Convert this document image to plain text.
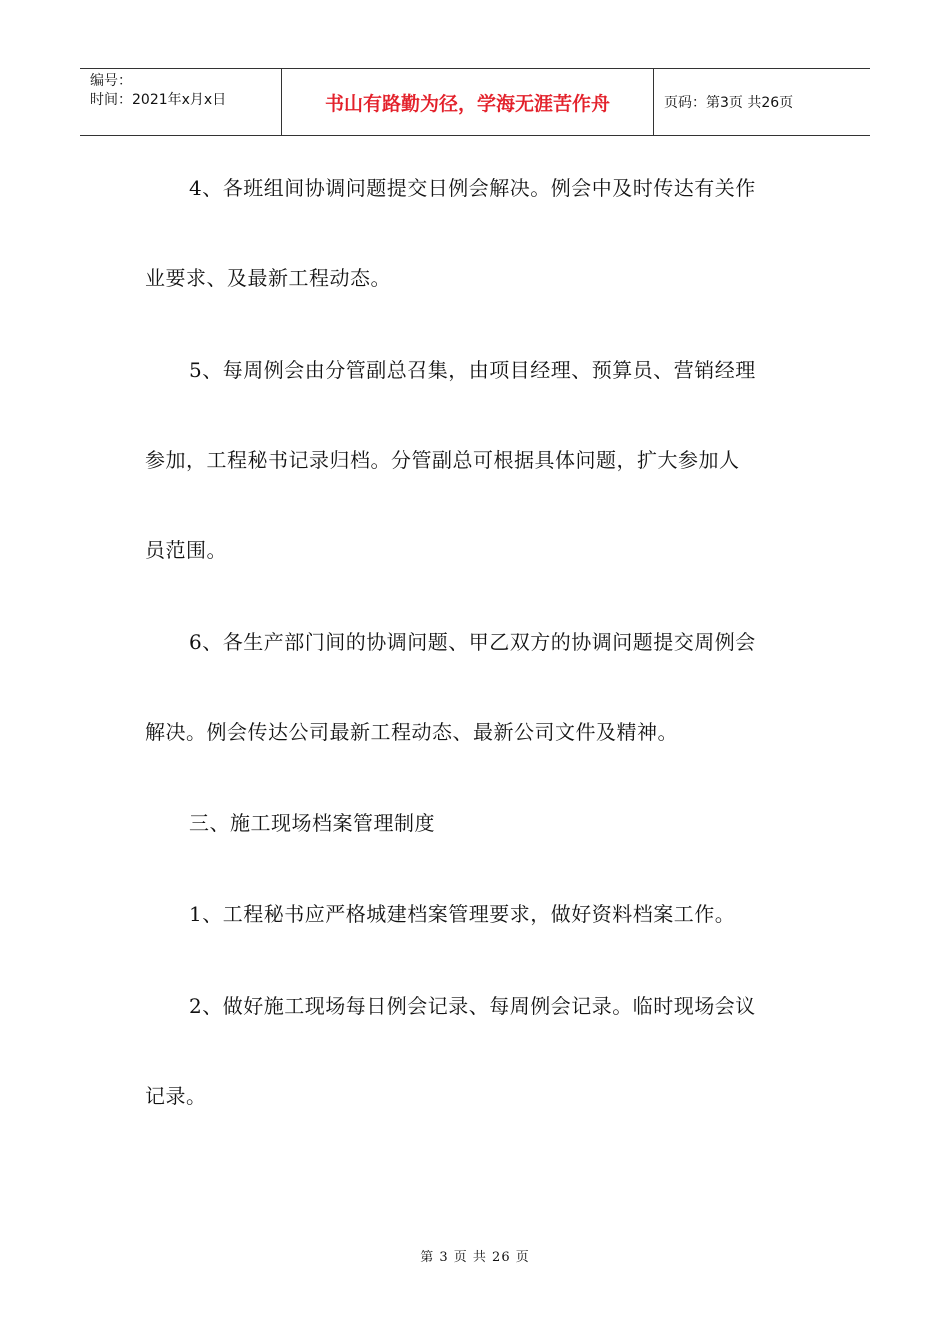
编号：
时间：2021年x月x日	书山有路勤为径，学海无涯苦作舟	页码：第3页 共26页
4、各班组间协调问题提交日例会解决。例会中及时传达有关作
业要求、及最新工程动态。
5、每周例会由分管副总召集，由项目经理、预算员、营销经理
参加，工程秘书记录归档。分管副总可根据具体问题，扩大参加人
员范围。
6、各生产部门间的协调问题、甲乙双方的协调问题提交周例会
解决。例会传达公司最新工程动态、最新公司文件及精神。
三、施工现场档案管理制度
1、工程秘书应严格城建档案管理要求，做好资料档案工作。
2、做好施工现场每日例会记录、每周例会记录。临时现场会议
记录。
第 3 页 共 26 页
